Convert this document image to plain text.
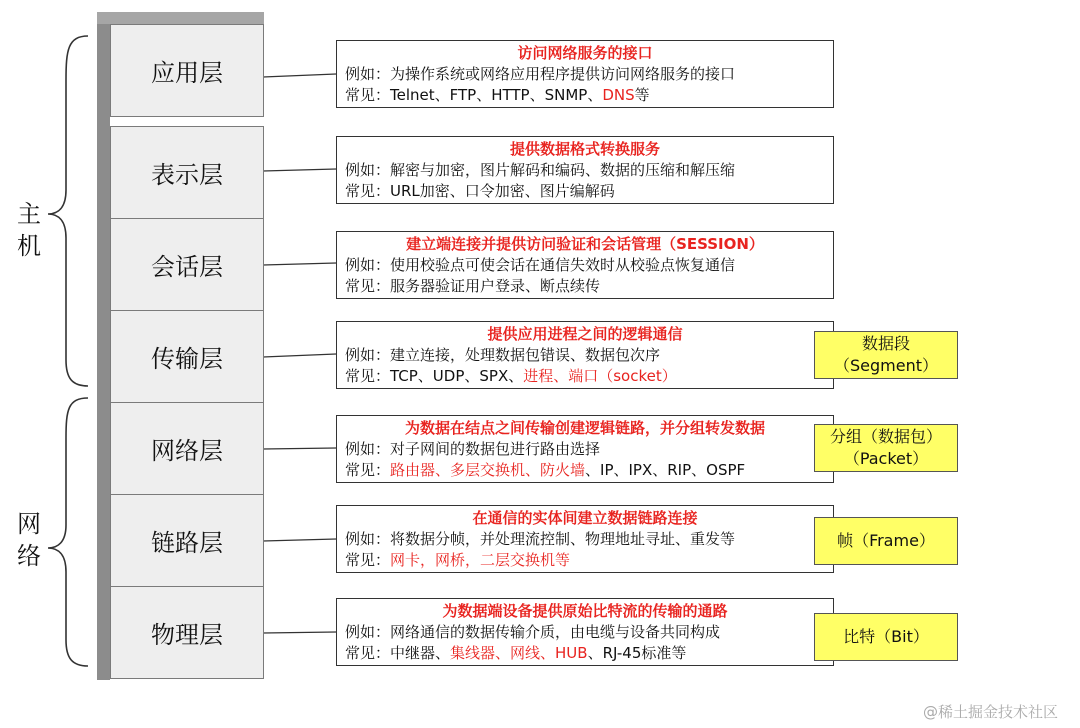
主
机
网
络
应用层
表示层
会话层
传输层
网络层
链路层
物理层
访问网络服务的接口
例如：为操作系统或网络应用程序提供访问网络服务的接口
常见：Telnet、FTP、HTTP、SNMP、DNS等
提供数据格式转换服务
例如：解密与加密，图片解码和编码、数据的压缩和解压缩
常见：URL加密、口令加密、图片编解码
建立端连接并提供访问验证和会话管理（SESSION）
例如：使用校验点可使会话在通信失效时从校验点恢复通信
常见：服务器验证用户登录、断点续传
提供应用进程之间的逻辑通信
例如：建立连接，处理数据包错误、数据包次序
常见：TCP、UDP、SPX、进程、端口（socket）
为数据在结点之间传输创建逻辑链路，并分组转发数据
例如：对子网间的数据包进行路由选择
常见：路由器、多层交换机、防火墙、IP、IPX、RIP、OSPF
在通信的实体间建立数据链路连接
例如：将数据分帧，并处理流控制、物理地址寻址、重发等
常见：网卡，网桥，二层交换机等
为数据端设备提供原始比特流的传输的通路
例如：网络通信的数据传输介质，由电缆与设备共同构成
常见：中继器、集线器、网线、HUB、RJ-45标准等
数据段
（Segment）
分组（数据包）
（Packet）
帧（Frame）
比特（Bit）
@稀土掘金技术社区
